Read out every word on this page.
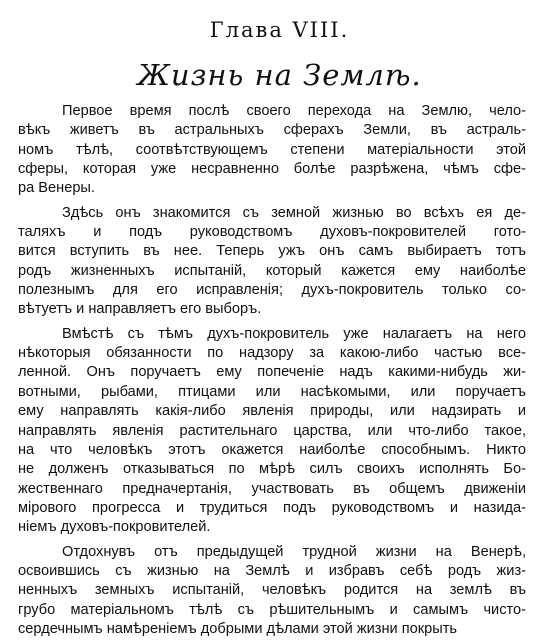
Глава VIII.
Жизнь на Землѣ.
Первое время послѣ своего перехода на Землю, чело-
вѣкъ живетъ въ астральныхъ сферахъ Земли, въ астраль-
номъ тѣлѣ, соотвѣтствующемъ степени матеріальности этой
сферы, которая уже несравненно болѣе разрѣжена, чѣмъ сфе-
ра Венеры.
Здѣсь онъ знакомится съ земной жизнью во всѣхъ ея де-
таляхъ и подъ руководствомъ духовъ-покровителей гото-
вится вступить въ нее. Теперь ужъ онъ самъ выбираетъ тотъ
родъ жизненныхъ испытаній, который кажется ему наиболѣе
полезнымъ для его исправленія; духъ-покровитель только со-
вѣтуетъ и направляетъ его выборъ.
Вмѣстѣ съ тѣмъ духъ-покровитель уже налагаетъ на него
нѣкоторыя обязанности по надзору за какою-либо частью все-
ленной. Онъ поручаетъ ему попеченіе надъ какими-нибудь жи-
вотными, рыбами, птицами или насѣкомыми, или поручаетъ
ему направлять какія-либо явленія природы, или надзирать и
направлять явленія растительнаго царства, или что-либо такое,
на что человѣкъ этотъ окажется наиболѣе способнымъ. Никто
не долженъ отказываться по мѣрѣ силъ своихъ исполнять Бо-
жественнаго предначертанія, участвовать въ общемъ движеніи
мірового прогресса и трудиться подъ руководствомъ и назида-
ніемъ духовъ-покровителей.
Отдохнувъ отъ предыдущей трудной жизни на Венерѣ,
освоившись съ жизнью на Землѣ и избравъ себѣ родъ жиз-
ненныхъ земныхъ испытаній, человѣкъ родится на землѣ въ
грубо матеріальномъ тѣлѣ съ рѣшительнымъ и самымъ чисто-
сердечнымъ намѣреніемъ добрыми дѣлами этой жизни покрыть
